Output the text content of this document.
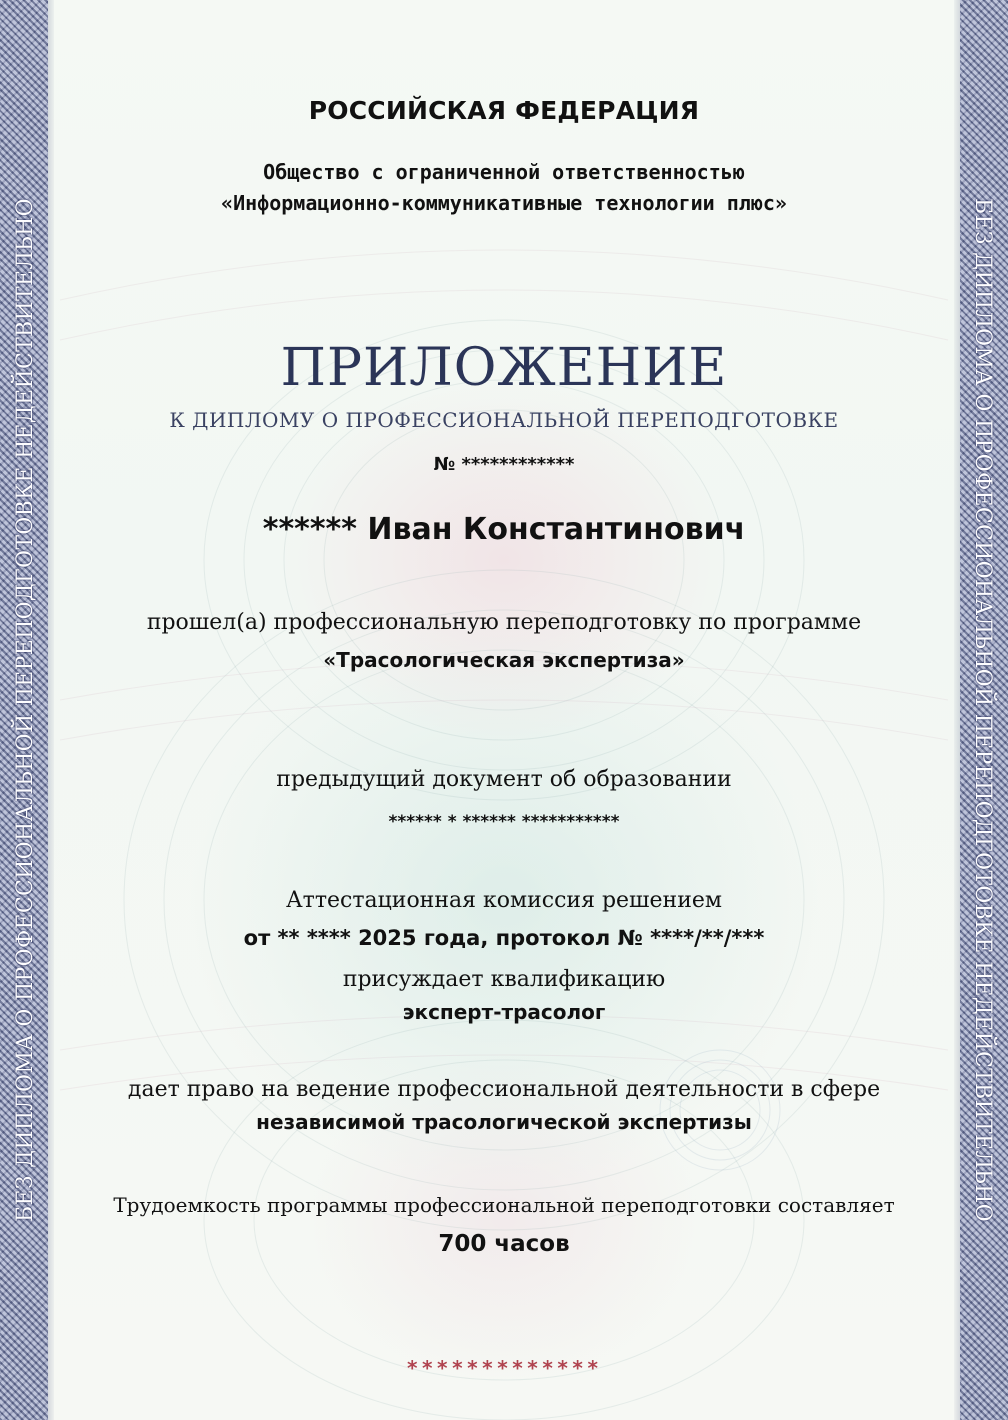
БЕЗ ДИПЛОМА О ПРОФЕССИОНАЛЬНОЙ ПЕРЕПОДГОТОВКЕ НЕДЕЙСТВИТЕЛЬНО	БЕЗ ДИПЛОМА О ПРОФЕССИОНАЛЬНОЙ ПЕРЕПОДГОТОВКЕ НЕДЕЙСТВИТЕЛЬНО
РОССИЙСКАЯ ФЕДЕРАЦИЯ
Общество с ограниченной ответственностью
«Информационно-коммуникативные технологии плюс»
ПРИЛОЖЕНИЕ
К ДИПЛОМУ О ПРОФЕССИОНАЛЬНОЙ ПЕРЕПОДГОТОВКЕ
№ ************
****** Иван Константинович
прошел(а) профессиональную переподготовку по программе
«Трасологическая экспертиза»
предыдущий документ об образовании
****** * ****** ***********
Аттестационная комиссия решением
от ** **** 2025 года, протокол № ****/**/***
присуждает квалификацию
эксперт-трасолог
дает право на ведение профессиональной деятельности в сфере
независимой трасологической экспертизы
Трудоемкость программы профессиональной переподготовки составляет
700 часов
*************
